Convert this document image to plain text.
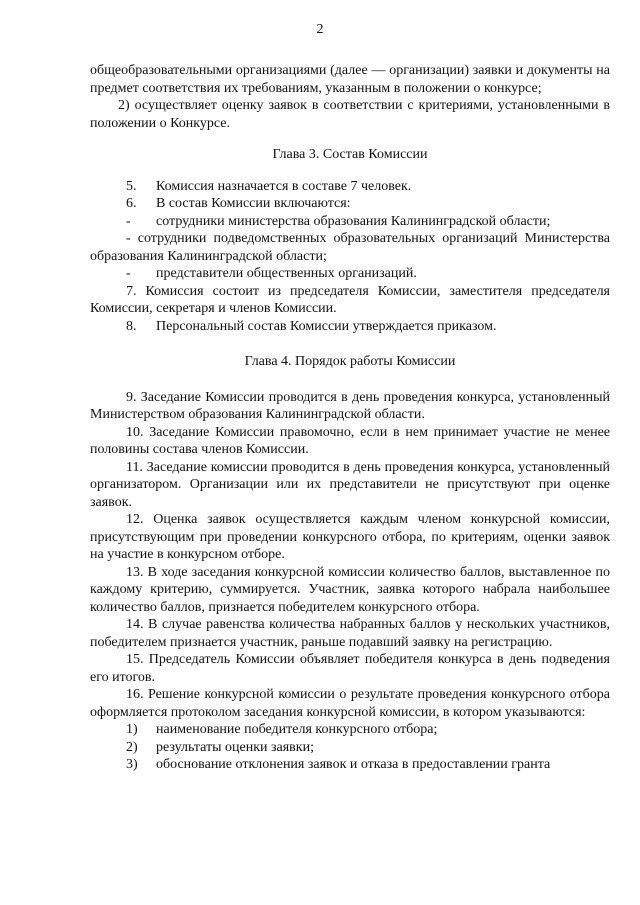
2

общеобразовательными организациями (далее — организации) заявки и документы на предмет соответствия их требованиям, указанным в положении о конкурсе;

2) осуществляет оценку заявок в соответствии с критериями, установленными в положении о Конкурсе.

Глава 3. Состав Комиссии

5.	Комиссия назначается в составе 7 человек.
6.	В состав Комиссии включаются:
-	сотрудники министерства образования Калининградской области;

- сотрудники подведомственных образовательных организаций Министерства образования Калининградской области;

-	представители общественных организаций.

7. Комиссия состоит из председателя Комиссии, заместителя председателя Комиссии, секретаря и членов Комиссии.

8.	Персональный состав Комиссии утверждается приказом.

Глава 4. Порядок работы Комиссии

9. Заседание Комиссии проводится в день проведения конкурса, установленный Министерством образования Калининградской области.

10. Заседание Комиссии правомочно, если в нем принимает участие не менее половины состава членов Комиссии.

11. Заседание комиссии проводится в день проведения конкурса, установленный организатором. Организации или их представители не присутствуют при оценке заявок.

12. Оценка заявок осуществляется каждым членом конкурсной комиссии, присутствующим при проведении конкурсного отбора, по критериям, оценки заявок на участие в конкурсном отборе.

13. В ходе заседания конкурсной комиссии количество баллов, выставленное по каждому критерию, суммируется. Участник, заявка которого набрала наибольшее количество баллов, признается победителем конкурсного отбора.

14. В случае равенства количества набранных баллов у нескольких участников, победителем признается участник, раньше подавший заявку на регистрацию.

15. Председатель Комиссии объявляет победителя конкурса в день подведения его итогов.

16. Решение конкурсной комиссии о результате проведения конкурсного отбора оформляется протоколом заседания конкурсной комиссии, в котором указываются:

1)	наименование победителя конкурсного отбора;
2)	результаты оценки заявки;
3)	обоснование отклонения заявок и отказа в предоставлении гранта
